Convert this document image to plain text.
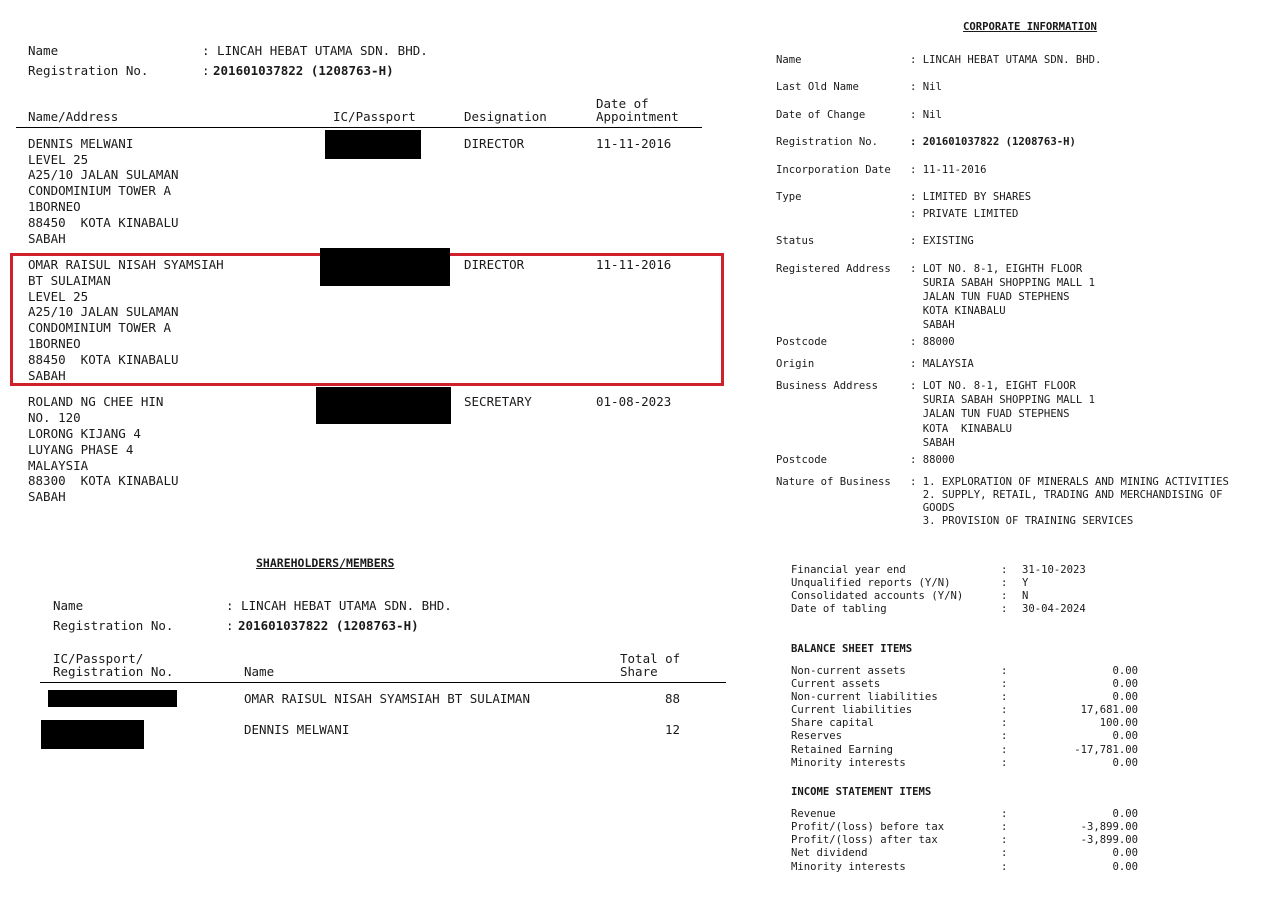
Name	: LINCAH HEBAT UTAMA SDN. BHD.
Registration No.	: 201601037822 (1208763-H)
Name/Address	IC/Passport	Designation
Date of
Appointment
DENNIS MELWANI
LEVEL 25
A25/10 JALAN SULAMAN
CONDOMINIUM TOWER A
1BORNEO
88450  KOTA KINABALU
SABAH
DIRECTOR	11-11-2016
OMAR RAISUL NISAH SYAMSIAH
BT SULAIMAN
LEVEL 25
A25/10 JALAN SULAMAN
CONDOMINIUM TOWER A
1BORNEO
88450  KOTA KINABALU
SABAH
DIRECTOR	11-11-2016
ROLAND NG CHEE HIN
NO. 120
LORONG KIJANG 4
LUYANG PHASE 4
MALAYSIA
88300  KOTA KINABALU
SABAH
SECRETARY	01-08-2023
SHAREHOLDERS/MEMBERS
Name	: LINCAH HEBAT UTAMA SDN. BHD.
Registration No.	: 201601037822 (1208763-H)
IC/Passport/
Registration No.	Name
Total of
Share
OMAR RAISUL NISAH SYAMSIAH BT SULAIMAN	88
DENNIS MELWANI	12
CORPORATE INFORMATION
Name	: LINCAH HEBAT UTAMA SDN. BHD.
Last Old Name	: Nil
Date of Change	: Nil
Registration No.	: 201601037822 (1208763-H)
Incorporation Date : 11-11-2016
Type	: LIMITED BY SHARES
: PRIVATE LIMITED
Status	: EXISTING
Registered Address : LOT NO. 8-1, EIGHTH FLOOR
SURIA SABAH SHOPPING MALL 1
JALAN TUN FUAD STEPHENS
KOTA KINABALU
SABAH
Postcode	: 88000
Origin	: MALAYSIA
Business Address	: LOT NO. 8-1, EIGHT FLOOR
SURIA SABAH SHOPPING MALL 1
JALAN TUN FUAD STEPHENS
KOTA  KINABALU
SABAH
Postcode	: 88000
Nature of Business : 1. EXPLORATION OF MINERALS AND MINING ACTIVITIES
2. SUPPLY, RETAIL, TRADING AND MERCHANDISING OF
GOODS
3. PROVISION OF TRAINING SERVICES
Financial year end	: 31-10-2023
Unqualified reports (Y/N)	: Y
Consolidated accounts (Y/N)	: N
Date of tabling	: 30-04-2024
BALANCE SHEET ITEMS
Non-current assets	:	0.00
Current assets	:	0.00
Non-current liabilities	:	0.00
Current liabilities	:	17,681.00
Share capital	:	100.00
Reserves	:	0.00
Retained Earning	:	-17,781.00
Minority interests	:	0.00
INCOME STATEMENT ITEMS
Revenue	:	0.00
Profit/(loss) before tax	:	-3,899.00
Profit/(loss) after tax	:	-3,899.00
Net dividend	:	0.00
Minority interests	:	0.00
